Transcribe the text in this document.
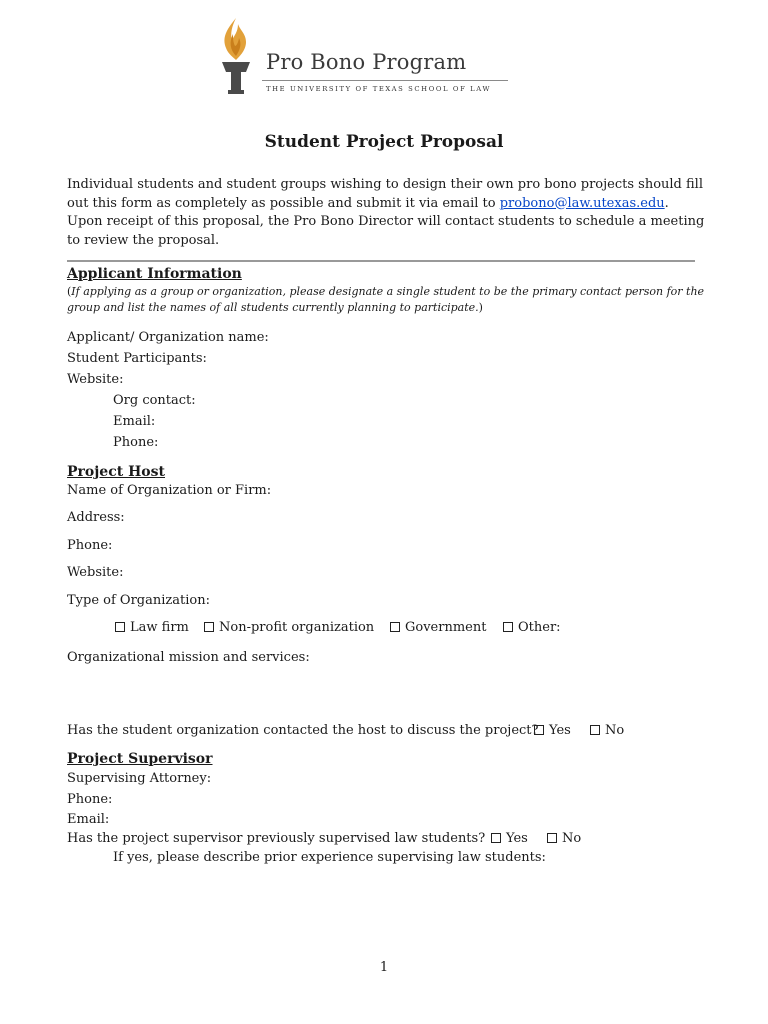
Pro Bono Program
THE UNIVERSITY OF TEXAS SCHOOL OF LAW
Student Project Proposal
Individual students and student groups wishing to design their own pro bono projects should fill out this form as completely as possible and submit it via email to probono@law.utexas.edu. Upon receipt of this proposal, the Pro Bono Director will contact students to schedule a meeting to review the proposal.
Applicant Information
(If applying as a group or organization, please designate a single student to be the primary contact person for the group and list the names of all students currently planning to participate.)
Applicant/ Organization name:
Student Participants:
Website:
Org contact:
Email:
Phone:
Project Host
Name of Organization or Firm:
Address:
Phone:
Website:
Type of Organization:
Law firm	Non-profit organization	Government	Other:
Organizational mission and services:
Has the student organization contacted the host to discuss the project? Yes	No
Project Supervisor
Supervising Attorney:
Phone:
Email:
Has the project supervisor previously supervised law students?	Yes	No
If yes, please describe prior experience supervising law students:
1
